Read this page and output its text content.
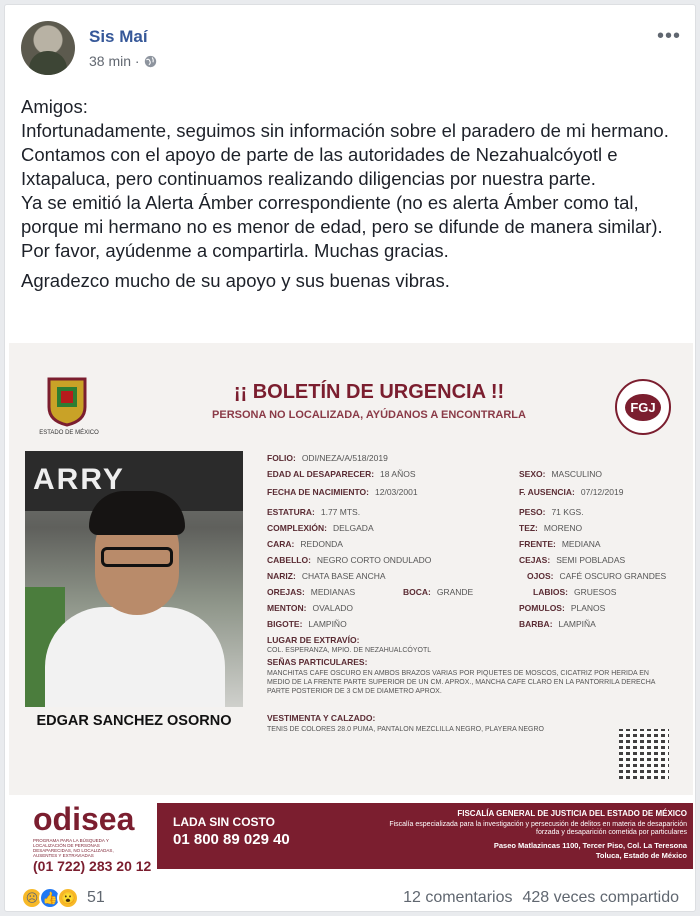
Sis Maí
38 min ·
•••

Amigos:
Infortunadamente, seguimos sin información sobre el paradero de mi hermano. Contamos con el apoyo de parte de las autoridades de Nezahualcóyotl e Ixtapaluca, pero continuamos realizando diligencias por nuestra parte.
Ya se emitió la Alerta Ámber correspondiente (no es alerta Ámber como tal, porque mi hermano no es menor de edad, pero se difunde de manera similar). Por favor, ayúdenme a compartirla. Muchas gracias.

Agradezco mucho de su apoyo y sus buenas vibras.

ESTADO DE MÉXICO
¡¡ BOLETÍN DE URGENCIA !!
PERSONA NO LOCALIZADA, AYÚDANOS A ENCONTRARLA
FGJ
ARRY
EDGAR SANCHEZ OSORNO
FOLIO: ODI/NEZA/A/518/2019
EDAD AL DESAPARECER: 18 AÑOS	SEXO: MASCULINO
FECHA DE NACIMIENTO: 12/03/2001	F. AUSENCIA: 07/12/2019
ESTATURA: 1.77 MTS.	PESO: 71 KGS.
COMPLEXIÓN: DELGADA	TEZ: MORENO
CARA: REDONDA	FRENTE: MEDIANA
CABELLO: NEGRO CORTO ONDULADO	CEJAS: SEMI POBLADAS
NARIZ: CHATA BASE ANCHA	OJOS: CAFÉ OSCURO GRANDES
OREJAS: MEDIANAS	BOCA: GRANDE	LABIOS: GRUESOS
MENTON: OVALADO	POMULOS: PLANOS
BIGOTE: LAMPIÑO	BARBA: LAMPIÑA
LUGAR DE EXTRAVÍO:
COL. ESPERANZA, MPIO. DE NEZAHUALCÓYOTL
SEÑAS PARTICULARES:
MANCHITAS CAFE OSCURO EN AMBOS BRAZOS VARIAS POR PIQUETES DE MOSCOS, CICATRIZ POR HERIDA EN MEDIO DE LA FRENTE PARTE SUPERIOR DE UN CM. APROX., MANCHA CAFE CLARO EN LA PANTORRILA DERECHA PARTE POSTERIOR DE 3 CM DE DIAMETRO APROX.
VESTIMENTA Y CALZADO:
TENIS DE COLORES 28.0 PUMA, PANTALON MEZCLILLA NEGRO, PLAYERA NEGRO
odisea
PROGRAMA PARA LA BÚSQUEDA Y LOCALIZACIÓN DE PERSONAS DESAPARECIDAS, NO LOCALIZADAS, AUSENTES Y EXTRAVIADAS
(01 722) 283 20 12
LADA SIN COSTO
01 800 89 029 40
FISCALÍA GENERAL DE JUSTICIA DEL ESTADO DE MÉXICO
Fiscalía especializada para la investigación y persecusión de delitos en materia de desaparición forzada y desaparición cometida por particulares
Paseo Matlazincas 1100, Tercer Piso, Col. La Teresona
Toluca, Estado de México
☹ 👍 😮 51	12 comentarios 428 veces compartido
